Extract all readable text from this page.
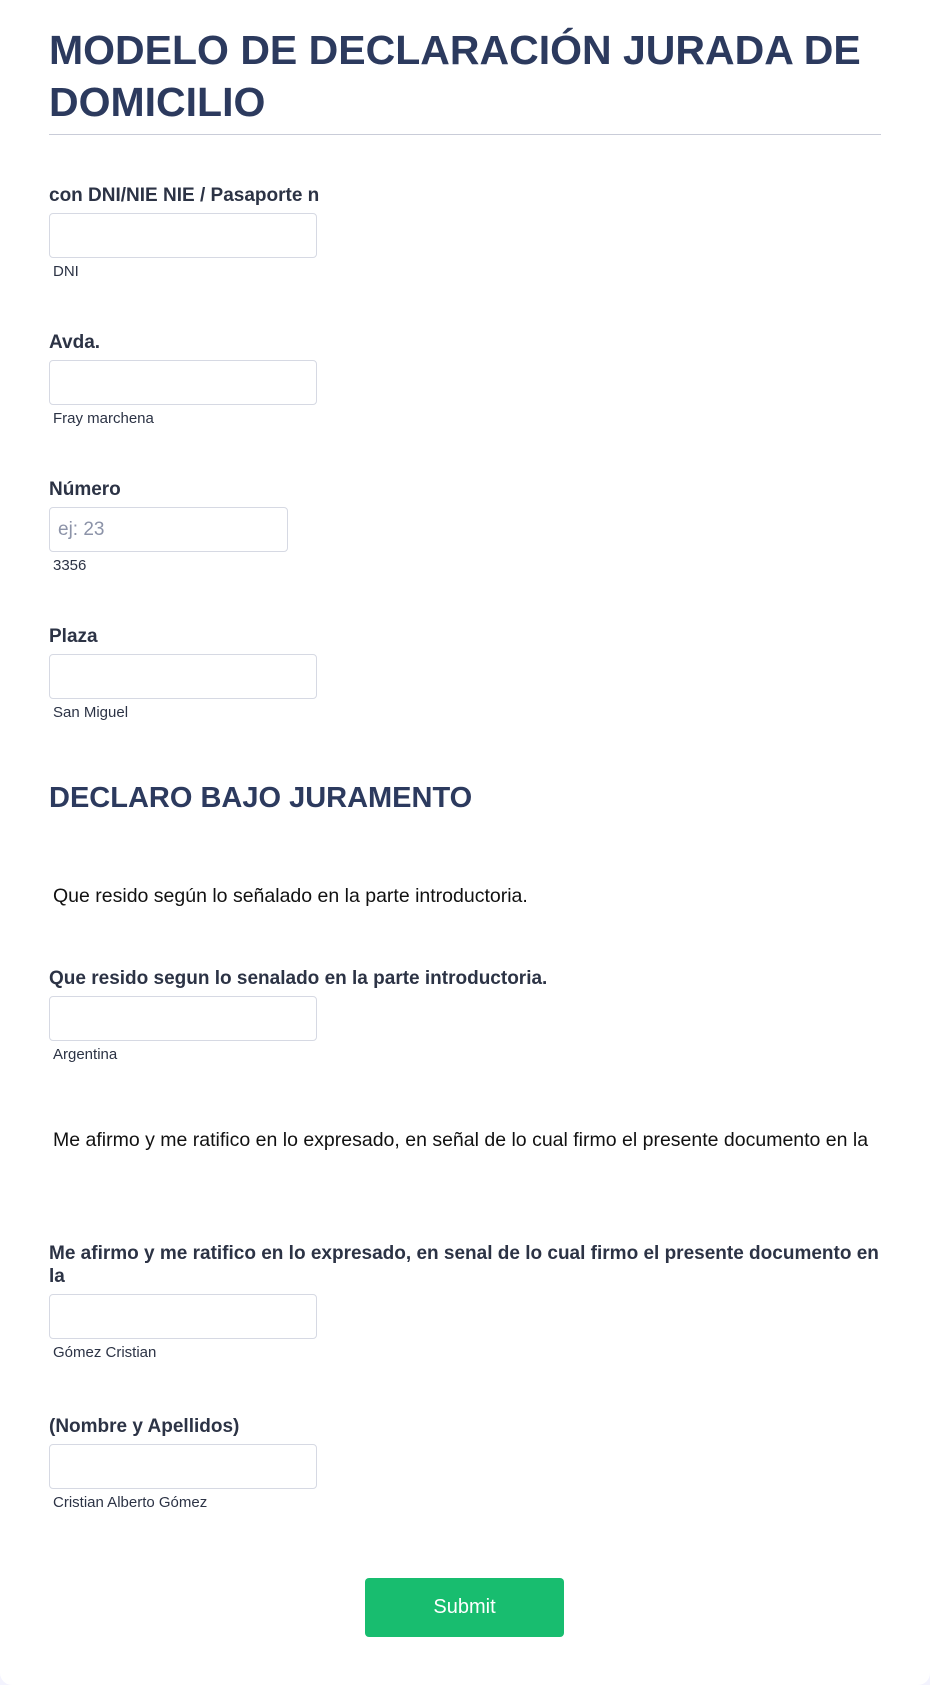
MODELO DE DECLARACIÓN JURADA DE DOMICILIO
con DNI/NIE NIE / Pasaporte n
DNI
Avda.
Fray marchena
Número
ej: 23
3356
Plaza
San Miguel
DECLARO BAJO JURAMENTO

Que resido según lo señalado en la parte introductoria.

Que resido segun lo senalado en la parte introductoria.
Argentina

Me afirmo y me ratifico en lo expresado, en señal de lo cual firmo el presente documento en la

Me afirmo y me ratifico en lo expresado, en senal de lo cual firmo el presente documento en la
Gómez Cristian
(Nombre y Apellidos)
Cristian Alberto Gómez
Submit
